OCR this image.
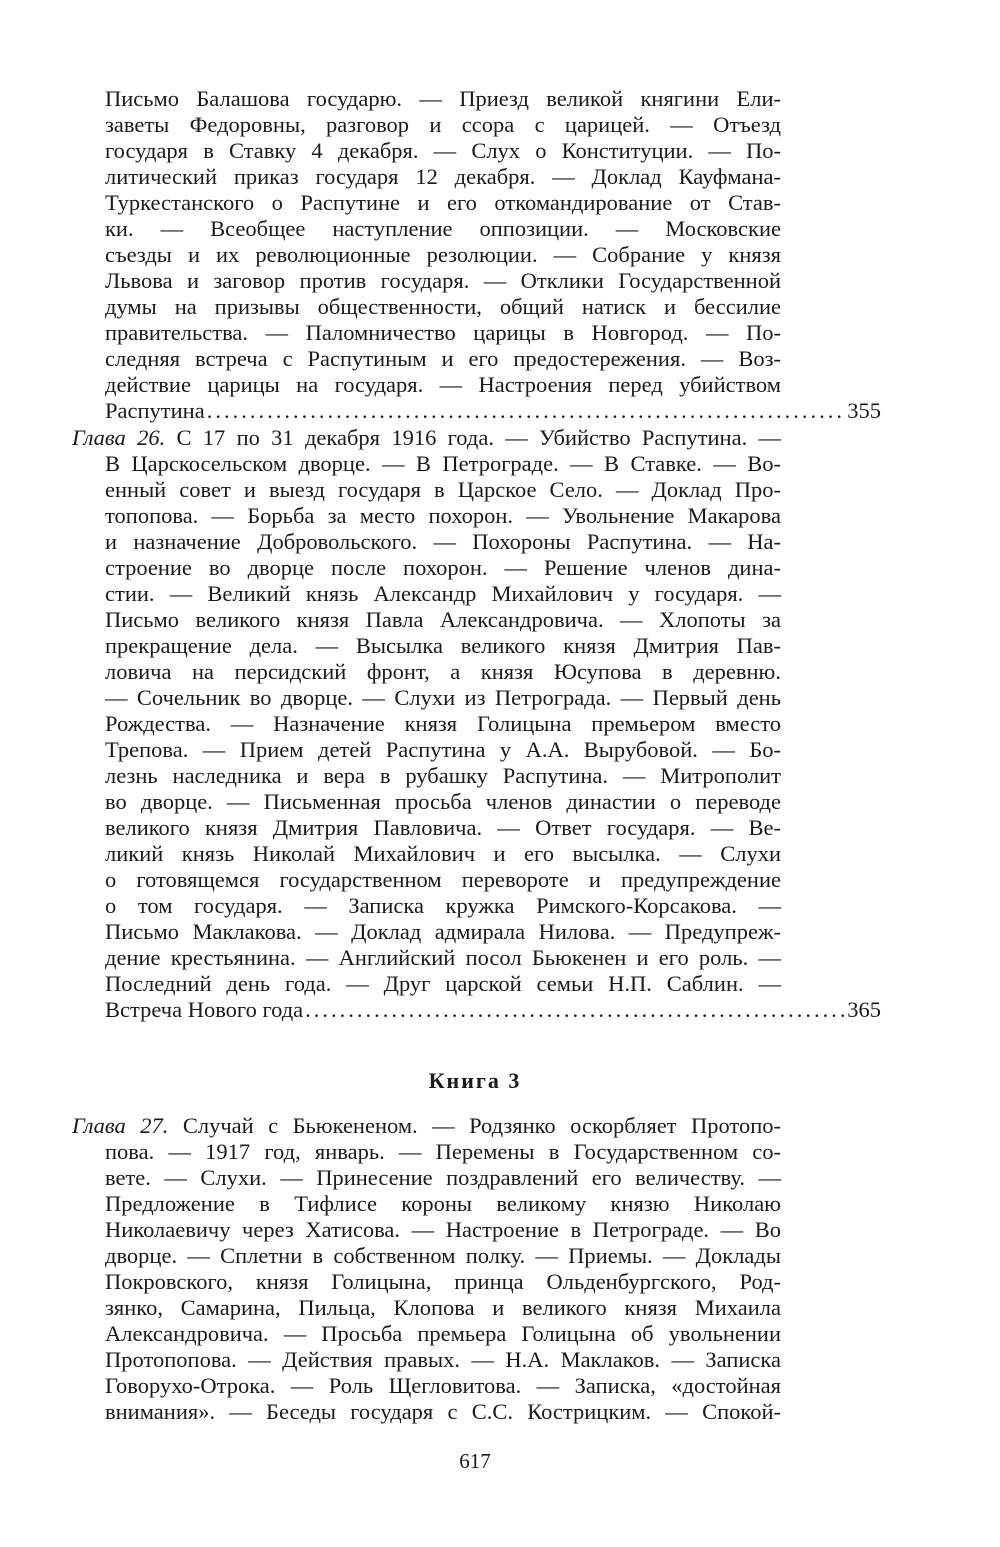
Письмо Балашова государю. — Приезд великой княгини Ели-
заветы Федоровны, разговор и ссора с царицей. — Отъезд
государя в Ставку 4 декабря. — Слух о Конституции. — По-
литический приказ государя 12 декабря. — Доклад Кауфмана-
Туркестанского о Распутине и его откомандирование от Став-
ки. — Всеобщее наступление оппозиции. — Московские
съезды и их революционные резолюции. — Собрание у князя
Львова и заговор против государя. — Отклики Государственной
думы на призывы общественности, общий натиск и бессилие
правительства. — Паломничество царицы в Новгород. — По-
следняя встреча с Распутиным и его предостережения. — Воз-
действие царицы на государя. — Настроения перед убийством
Распутина .....	355
Глава 26. С 17 по 31 декабря 1916 года. — Убийство Распутина. —
В Царскосельском дворце. — В Петрограде. — В Ставке. — Во-
енный совет и выезд государя в Царское Село. — Доклад Про-
топопова. — Борьба за место похорон. — Увольнение Макарова
и назначение Добровольского. — Похороны Распутина. — На-
строение во дворце после похорон. — Решение членов дина-
стии. — Великий князь Александр Михайлович у государя. —
Письмо великого князя Павла Александровича. — Хлопоты за
прекращение дела. — Высылка великого князя Дмитрия Пав-
ловича на персидский фронт, а князя Юсупова в деревню.
— Сочельник во дворце. — Слухи из Петрограда. — Первый день
Рождества. — Назначение князя Голицына премьером вместо
Трепова. — Прием детей Распутина у А.А. Вырубовой. — Бо-
лезнь наследника и вера в рубашку Распутина. — Митрополит
во дворце. — Письменная просьба членов династии о переводе
великого князя Дмитрия Павловича. — Ответ государя. — Ве-
ликий князь Николай Михайлович и его высылка. — Слухи
о готовящемся государственном перевороте и предупреждение
о том государя. — Записка кружка Римского-Корсакова. —
Письмо Маклакова. — Доклад адмирала Нилова. — Предупреж-
дение крестьянина. — Английский посол Бьюкенен и его роль. —
Последний день года. — Друг царской семьи Н.П. Саблин. —
Встреча Нового года .....	365
Книга 3
Глава 27. Случай с Бьюкененом. — Родзянко оскорбляет Протопо-
пова. — 1917 год, январь. — Перемены в Государственном со-
вете. — Слухи. — Принесение поздравлений его величеству. —
Предложение в Тифлисе короны великому князю Николаю
Николаевичу через Хатисова. — Настроение в Петрограде. — Во
дворце. — Сплетни в собственном полку. — Приемы. — Доклады
Покровского, князя Голицына, принца Ольденбургского, Род-
зянко, Самарина, Пильца, Клопова и великого князя Михаила
Александровича. — Просьба премьера Голицына об увольнении
Протопопова. — Действия правых. — Н.А. Маклаков. — Записка
Говорухо-Отрока. — Роль Щегловитова. — Записка, «достойная
внимания». — Беседы государя с С.С. Кострицким. — Спокой-
617
